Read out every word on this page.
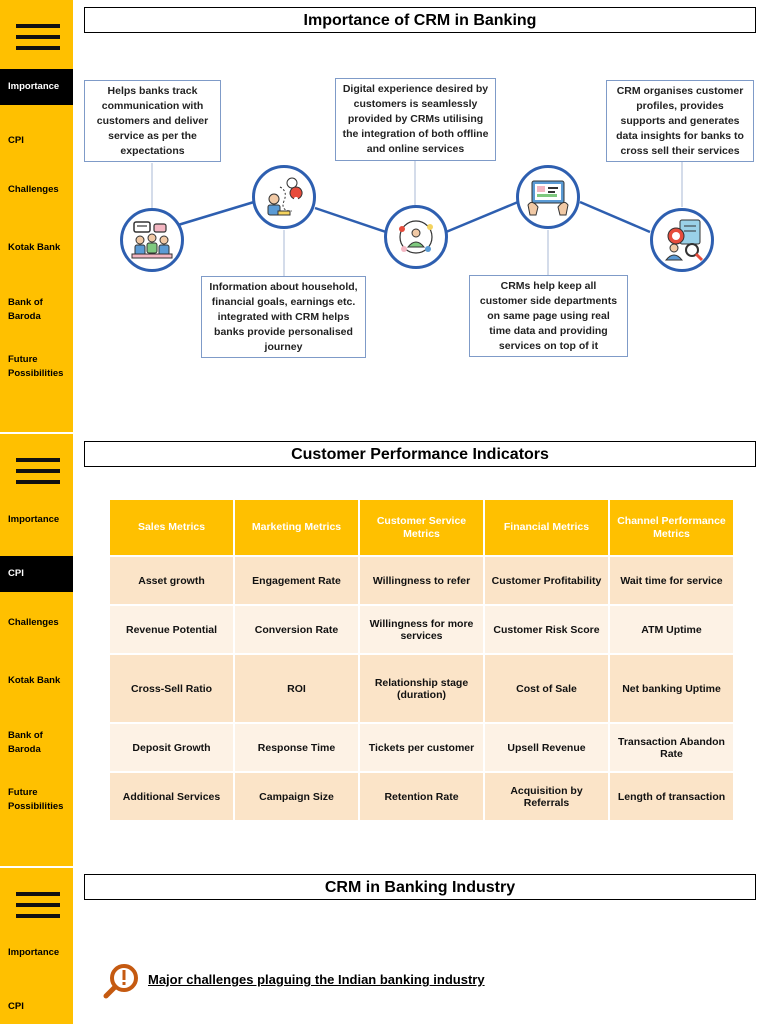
Importance
CPI
Challenges
Kotak Bank
Bank of Baroda
Future Possibilities
Importance of CRM in Banking
Helps banks track communication with customers and deliver service as per the expectations
Digital experience desired by customers is seamlessly provided by CRMs utilising the integration of both offline and online services
CRM organises customer profiles, provides supports and generates data insights for banks to cross sell their services
Information about household, financial goals, earnings etc. integrated with CRM helps banks provide personalised journey
CRMs help keep all customer side departments on same page using real time data and providing services on top of it
Importance
CPI
Challenges
Kotak Bank
Bank of Baroda
Future Possibilities
Customer Performance Indicators
Sales Metrics	Marketing Metrics	Customer Service Metrics	Financial Metrics	Channel Performance Metrics
Asset growth	Engagement Rate	Willingness to refer	Customer Profitability	Wait time for service
Revenue Potential	Conversion Rate	Willingness for more services	Customer Risk Score	ATM Uptime
Cross-Sell Ratio	ROI	Relationship stage (duration)	Cost of Sale	Net banking Uptime
Deposit Growth	Response Time	Tickets per customer	Upsell Revenue	Transaction Abandon Rate
Additional Services	Campaign Size	Retention Rate	Acquisition by Referrals	Length of transaction
Importance
CPI
CRM in Banking Industry
Major challenges plaguing the Indian banking industry
